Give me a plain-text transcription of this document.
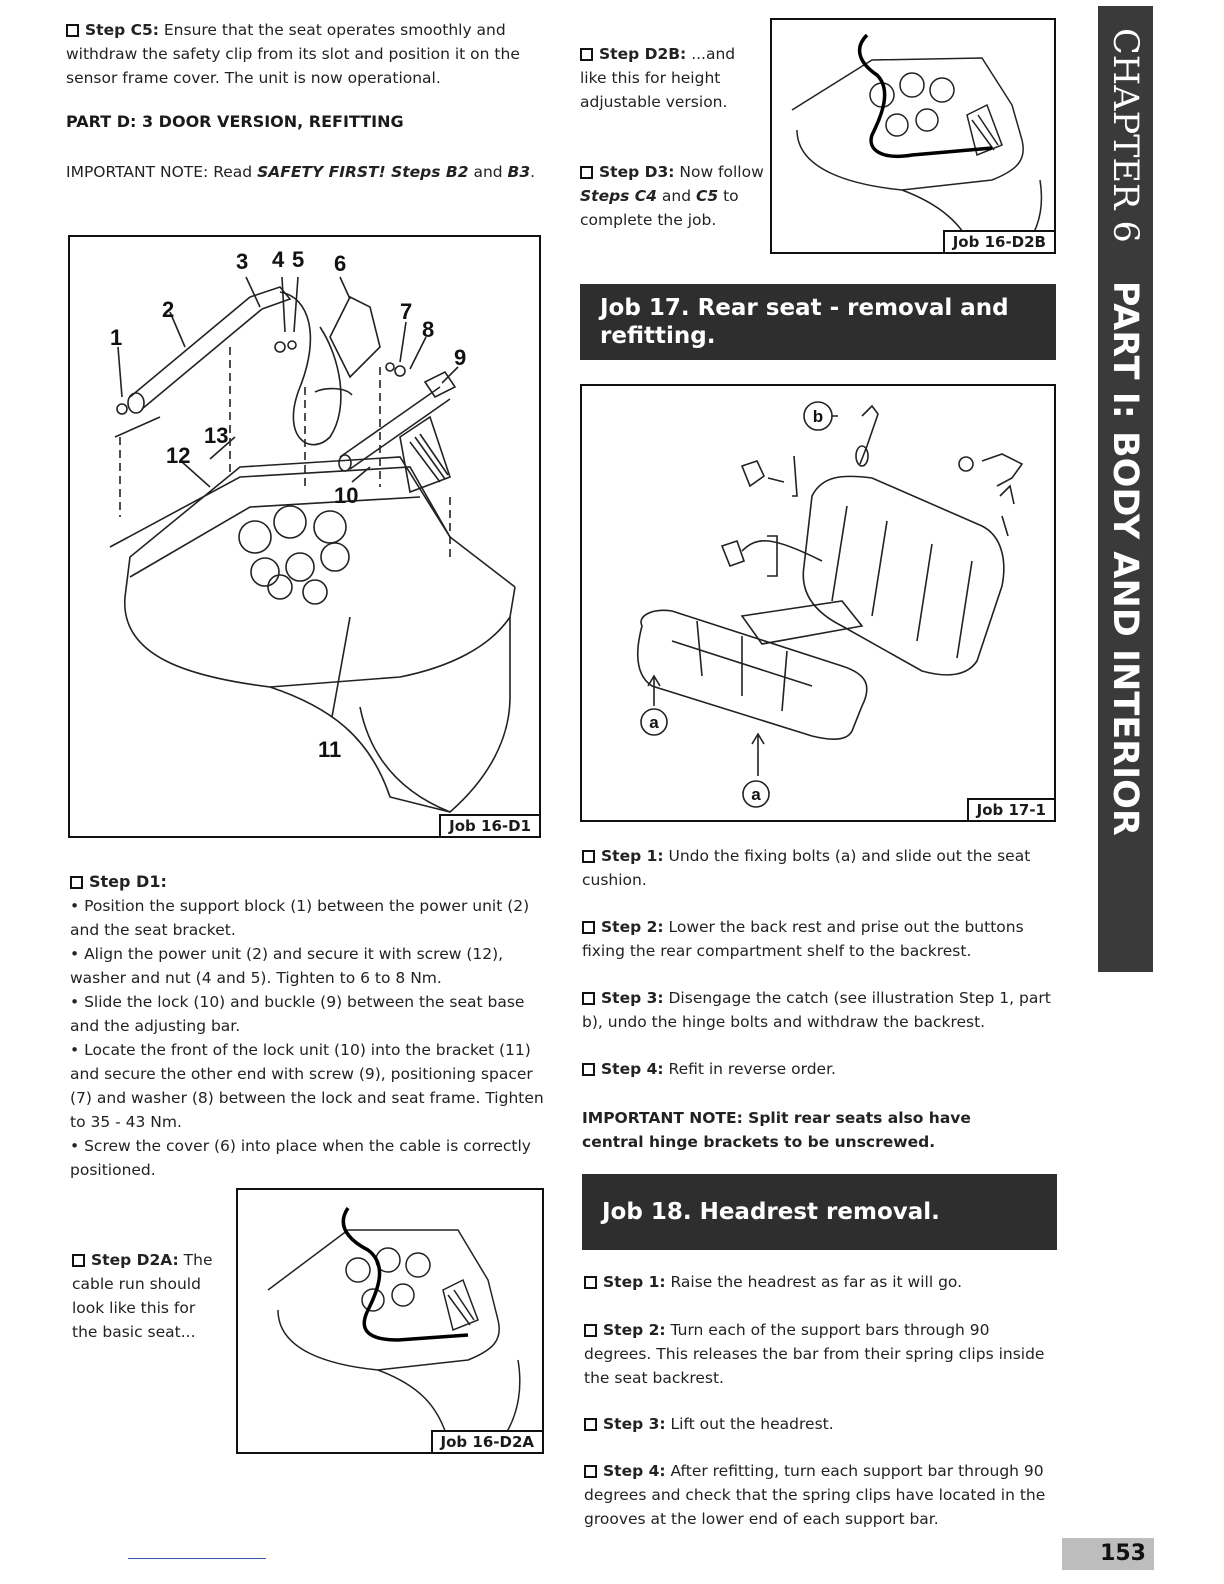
Step C5: Ensure that the seat operates smoothly and withdraw the safety clip from its slot and position it on the sensor frame cover. The unit is now operational.
PART D: 3 DOOR VERSION, REFITTING
IMPORTANT NOTE: Read SAFETY FIRST! Steps B2 and B3.
1
2
3 4 5 6
7
8
9
10
11
12
13
Job 16-D1
Step D1:
• Position the support block (1) between the power unit (2) and the seat bracket.
• Align the power unit (2) and secure it with screw (12), washer and nut (4 and 5). Tighten to 6 to 8 Nm.
• Slide the lock (10) and buckle (9) between the seat base and the adjusting bar.
• Locate the front of the lock unit (10) into the bracket (11) and secure the other end with screw (9), positioning spacer (7) and washer (8) between the lock and seat frame. Tighten to 35 - 43 Nm.
• Screw the cover (6) into place when the cable is correctly positioned.
Step D2A: The cable run should look like this for the basic seat...
Job 16-D2A
Step D2B: ...and like this for height adjustable version.
Step D3: Now follow Steps C4 and C5 to complete the job.
Job 16-D2B
Job 17. Rear seat - removal and refitting.
a
a
b
Job 17-1
Step 1: Undo the fixing bolts (a) and slide out the seat cushion.
Step 2: Lower the back rest and prise out the buttons fixing the rear compartment shelf to the backrest.
Step 3: Disengage the catch (see illustration Step 1, part b), undo the hinge bolts and withdraw the backrest.
Step 4: Refit in reverse order.
IMPORTANT NOTE: Split rear seats also have central hinge brackets to be unscrewed.
Job 18. Headrest removal.
Step 1: Raise the headrest as far as it will go.
Step 2: Turn each of the support bars through 90 degrees. This releases the bar from their spring clips inside the seat backrest.
Step 3: Lift out the headrest.
Step 4: After refitting, turn each support bar through 90 degrees and check that the spring clips have located in the grooves at the lower end of each support bar.
CHAPTER 6PART I: BODY AND INTERIOR
153
